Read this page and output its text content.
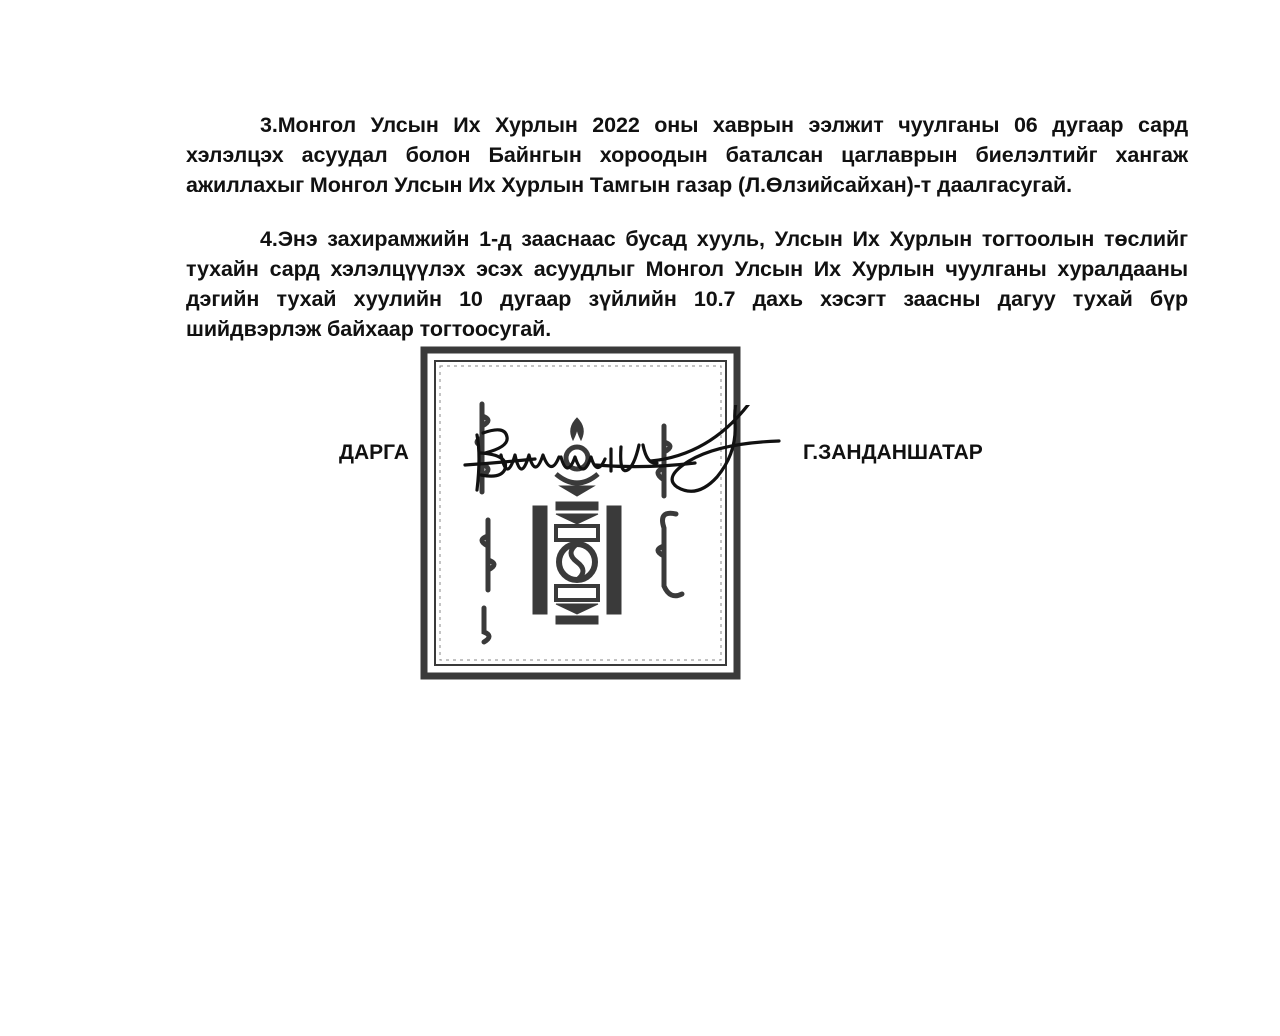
3.Монгол Улсын Их Хурлын 2022 оны хаврын ээлжит чуулганы 06 дугаар сард хэлэлцэх асуудал болон Байнгын хороодын баталсан цаглаврын биелэлтийг хангаж ажиллахыг Монгол Улсын Их Хурлын Тамгын газар (Л.Өлзийсайхан)-т даалгасугай.

4.Энэ захирамжийн 1-д зааснаас бусад хууль, Улсын Их Хурлын тогтоолын төслийг тухайн сард хэлэлцүүлэх эсэх асуудлыг Монгол Улсын Их Хурлын чуулганы хуралдааны дэгийн тухай хуулийн 10 дугаар зүйлийн 10.7 дахь хэсэгт заасны дагуу тухай бүр шийдвэрлэж байхаар тогтоосугай.

ДАРГА	Г.ЗАНДАНШАТАР
